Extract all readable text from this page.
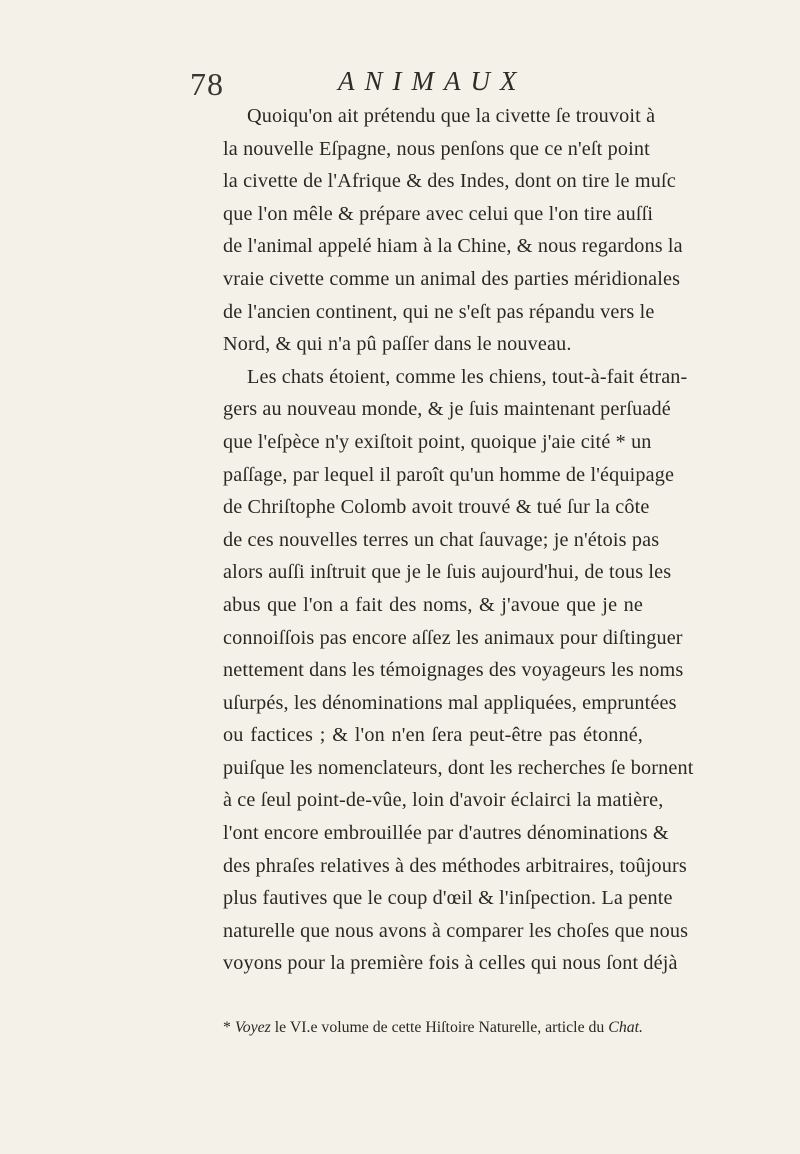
78	ANIMAUX
Quoiqu'on ait prétendu que la civette ſe trouvoit à
la nouvelle Eſpagne, nous penſons que ce n'eſt point
la civette de l'Afrique & des Indes, dont on tire le muſc
que l'on mêle & prépare avec celui que l'on tire auſſi
de l'animal appelé hiam à la Chine, & nous regardons la
vraie civette comme un animal des parties méridionales
de l'ancien continent, qui ne s'eſt pas répandu vers le
Nord, & qui n'a pû paſſer dans le nouveau.
Les chats étoient, comme les chiens, tout-à-fait étran-
gers au nouveau monde, & je ſuis maintenant perſuadé
que l'eſpèce n'y exiſtoit point, quoique j'aie cité * un
paſſage, par lequel il paroît qu'un homme de l'équipage
de Chriſtophe Colomb avoit trouvé & tué ſur la côte
de ces nouvelles terres un chat ſauvage; je n'étois pas
alors auſſi inſtruit que je le ſuis aujourd'hui, de tous les
abus que l'on a fait des noms, & j'avoue que je ne
connoiſſois pas encore aſſez les animaux pour diſtinguer
nettement dans les témoignages des voyageurs les noms
uſurpés, les dénominations mal appliquées, empruntées
ou factices ; & l'on n'en ſera peut-être pas étonné,
puiſque les nomenclateurs, dont les recherches ſe bornent
à ce ſeul point-de-vûe, loin d'avoir éclairci la matière,
l'ont encore embrouillée par d'autres dénominations &
des phraſes relatives à des méthodes arbitraires, toûjours
plus fautives que le coup d'œil & l'inſpection. La pente
naturelle que nous avons à comparer les choſes que nous
voyons pour la première fois à celles qui nous ſont déjà
* Voyez le VI.e volume de cette Hiſtoire Naturelle, article du Chat.
